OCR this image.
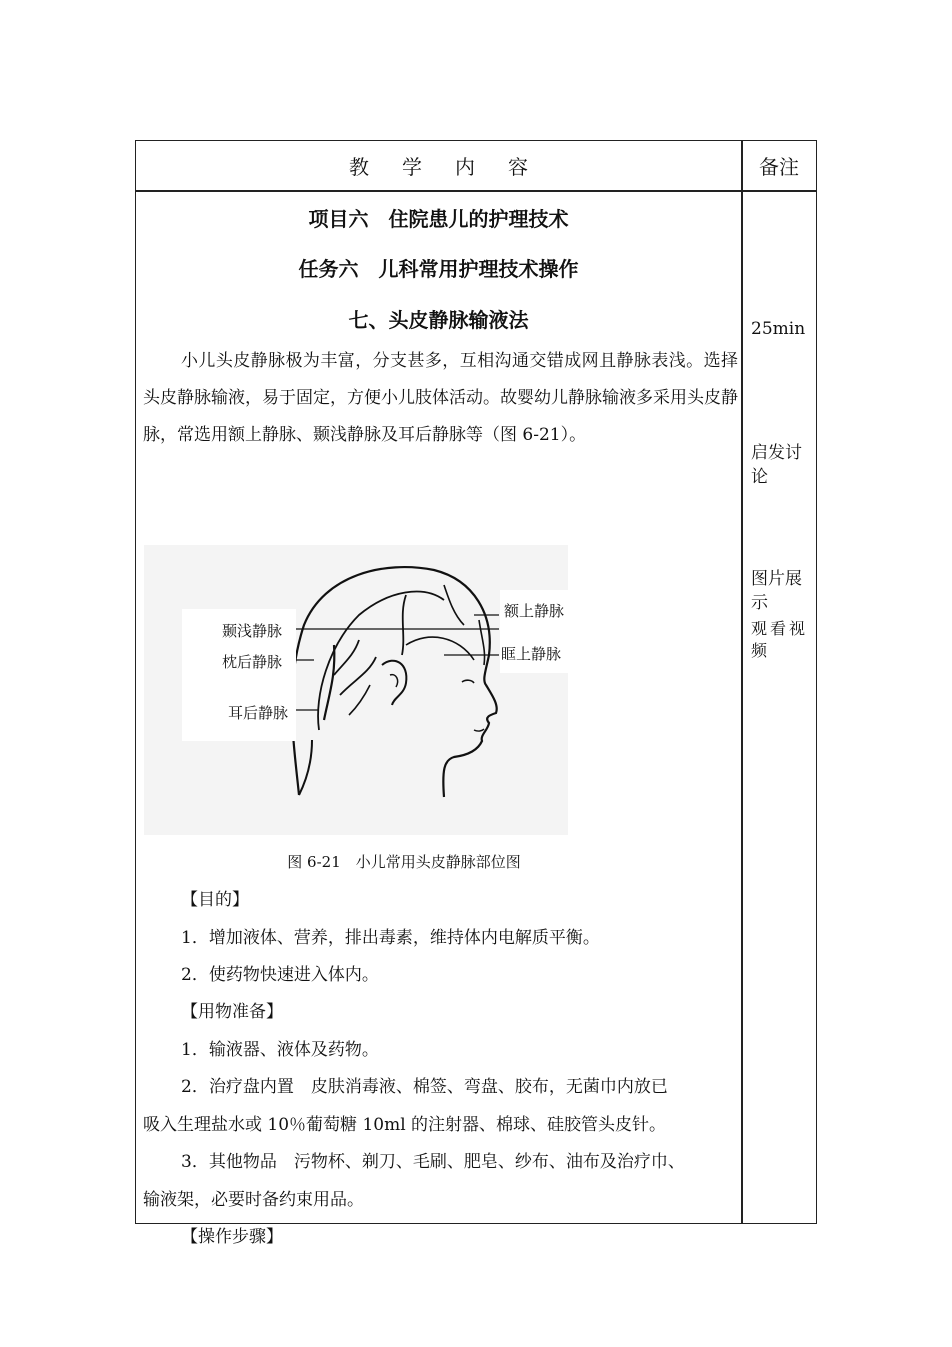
教学内容	备注
项目六　住院患儿的护理技术
任务六　儿科常用护理技术操作
七、头皮静脉输液法
小儿头皮静脉极为丰富，分支甚多，互相沟通交错成网且静脉表浅。选择头皮静脉输液，易于固定，方便小儿肢体活动。故婴幼儿静脉输液多采用头皮静脉，常选用额上静脉、颞浅静脉及耳后静脉等（图 6-21）。
颞浅静脉
枕后静脉
耳后静脉
额上静脉
眶上静脉
图 6-21　小儿常用头皮静脉部位图
【目的】
1．增加液体、营养，排出毒素，维持体内电解质平衡。
2．使药物快速进入体内。
【用物准备】
1．输液器、液体及药物。
2．治疗盘内置　皮肤消毒液、棉签、弯盘、胶布，无菌巾内放已
吸入生理盐水或 10％葡萄糖 10ml 的注射器、棉球、硅胶管头皮针。
3．其他物品　污物杯、剃刀、毛刷、肥皂、纱布、油布及治疗巾、
输液架，必要时备约束用品。
【操作步骤】
25min
启发讨论
图片展示
观看视频
